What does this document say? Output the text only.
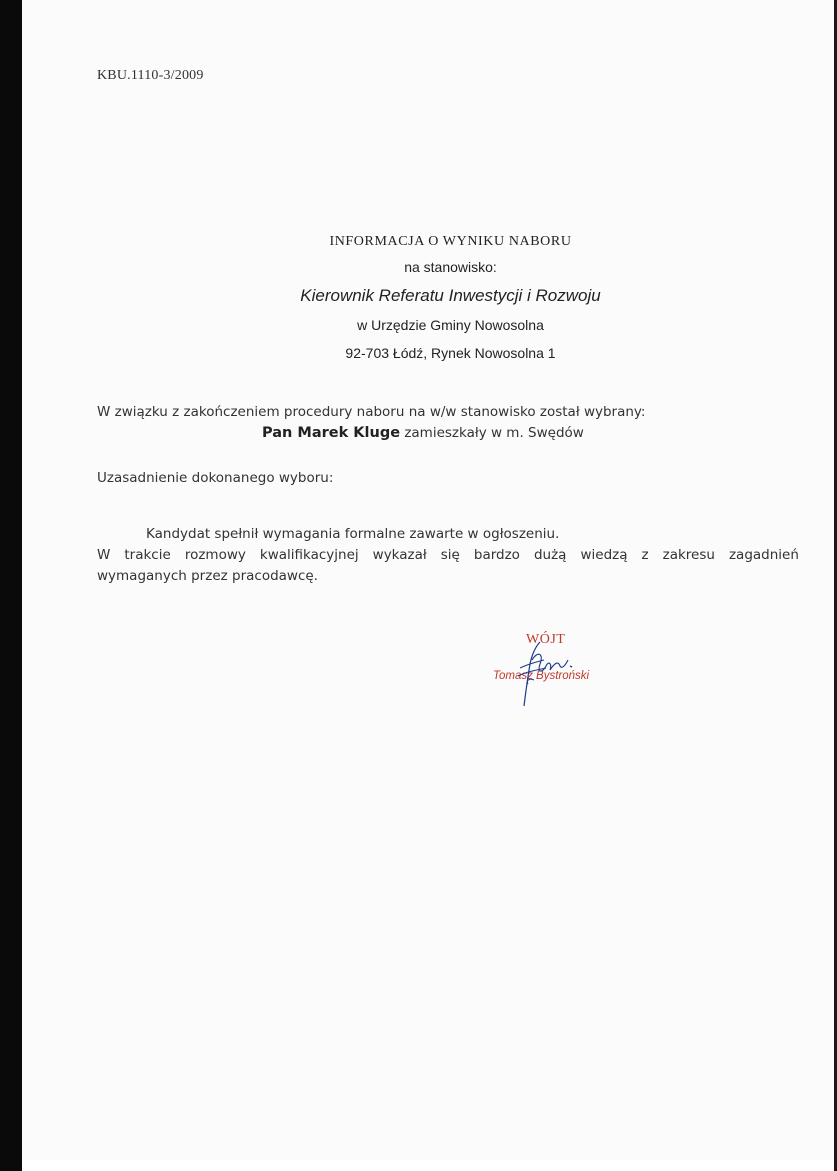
KBU.1110-3/2009
INFORMACJA O WYNIKU NABORU
na stanowisko:
Kierownik Referatu Inwestycji i Rozwoju
w Urzędzie Gminy Nowosolna
92-703 Łódź, Rynek Nowosolna 1
W związku z zakończeniem procedury naboru na w/w stanowisko został wybrany:
Pan Marek Kluge zamieszkały w m. Swędów
Uzasadnienie dokonanego wyboru:
Kandydat spełnił wymagania formalne zawarte w ogłoszeniu.
W trakcie rozmowy kwalifikacyjnej wykazał się bardzo dużą wiedzą z zakresu zagadnień
wymaganych przez pracodawcę.
WÓJT
Tomasz Bystroński
